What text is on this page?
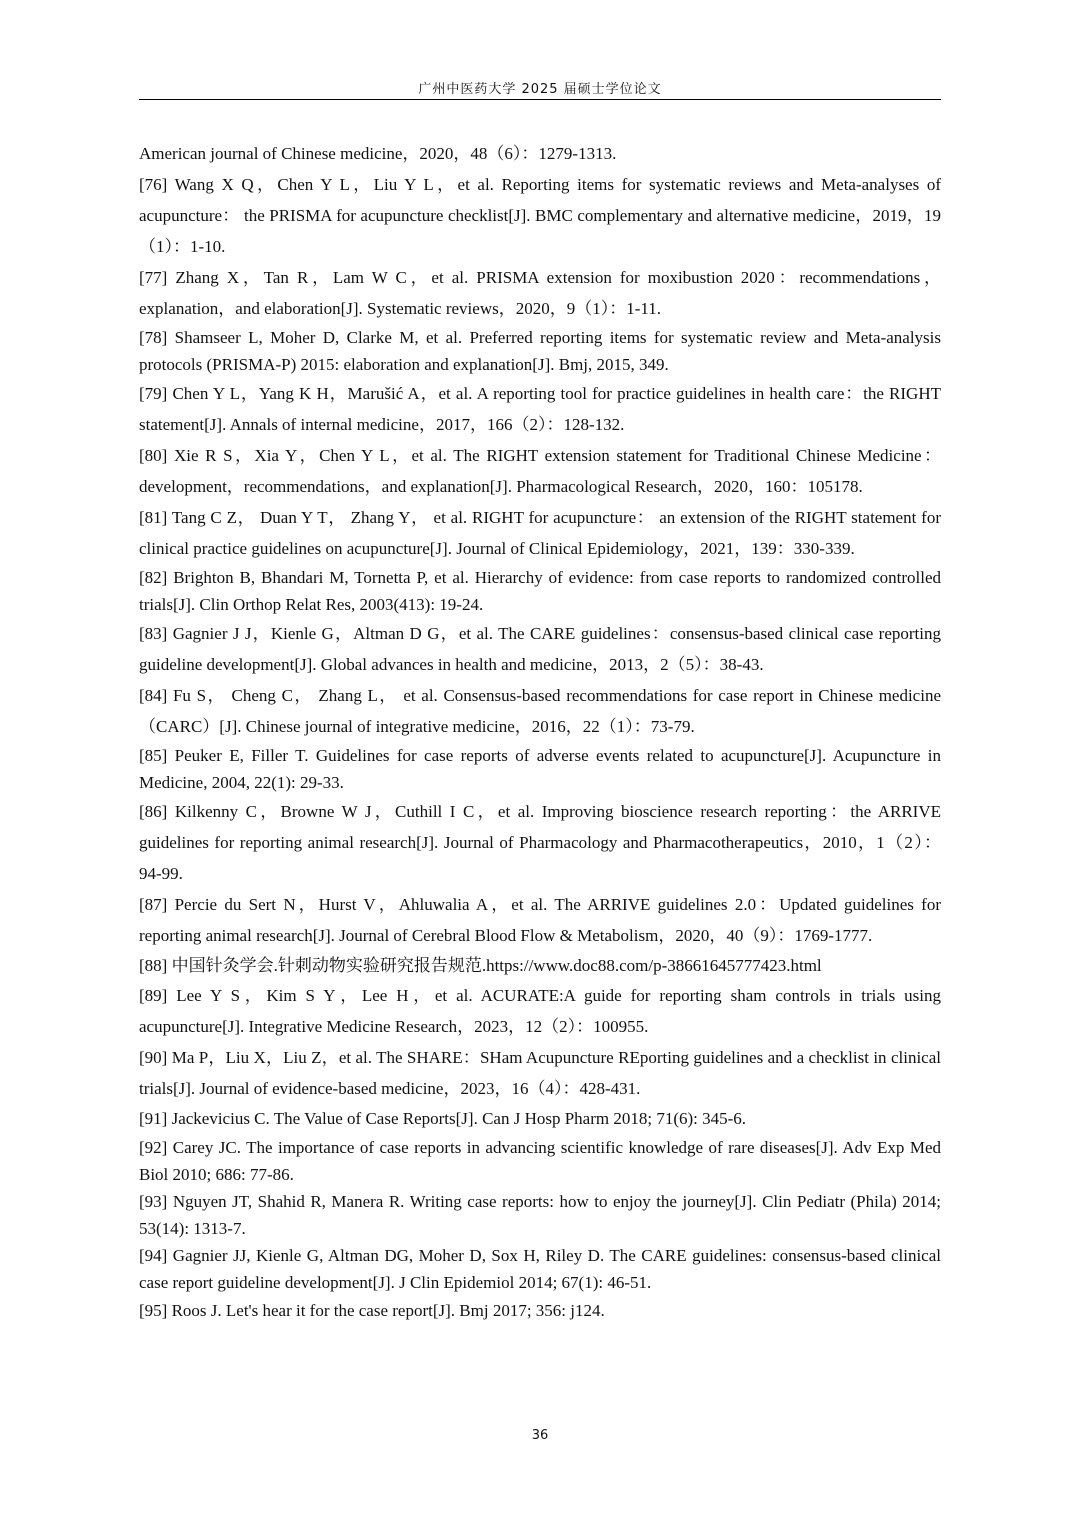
广州中医药大学 2025 届硕士学位论文

American journal of Chinese medicine，2020，48（6）：1279-1313.

[76] Wang X Q，Chen Y L，Liu Y L，et al. Reporting items for systematic reviews and Meta-analyses of acupuncture： the PRISMA for acupuncture checklist[J]. BMC complementary and alternative medicine，2019，19（1）：1-10.

[77] Zhang X，Tan R，Lam W C，et al. PRISMA extension for moxibustion 2020：recommendations，explanation，and elaboration[J]. Systematic reviews，2020，9（1）：1-11.

[78] Shamseer L, Moher D, Clarke M, et al. Preferred reporting items for systematic review and Meta-analysis protocols (PRISMA-P) 2015: elaboration and explanation[J]. Bmj, 2015, 349.

[79] Chen Y L，Yang K H，Marušić A，et al. A reporting tool for practice guidelines in health care：the RIGHT statement[J]. Annals of internal medicine，2017，166（2）：128-132.

[80] Xie R S，Xia Y，Chen Y L，et al. The RIGHT extension statement for Traditional Chinese Medicine：development，recommendations，and explanation[J]. Pharmacological Research，2020，160：105178.

[81] Tang C Z， Duan Y T， Zhang Y， et al. RIGHT for acupuncture： an extension of the RIGHT statement for clinical practice guidelines on acupuncture[J]. Journal of Clinical Epidemiology，2021，139：330-339.

[82] Brighton B, Bhandari M, Tornetta P, et al. Hierarchy of evidence: from case reports to randomized controlled trials[J]. Clin Orthop Relat Res, 2003(413): 19-24.

[83] Gagnier J J，Kienle G，Altman D G，et al. The CARE guidelines：consensus-based clinical case reporting guideline development[J]. Global advances in health and medicine，2013，2（5）：38-43.

[84] Fu S， Cheng C， Zhang L， et al. Consensus-based recommendations for case report in Chinese medicine （CARC）[J]. Chinese journal of integrative medicine，2016，22（1）：73-79.

[85] Peuker E, Filler T. Guidelines for case reports of adverse events related to acupuncture[J]. Acupuncture in Medicine, 2004, 22(1): 29-33.

[86] Kilkenny C，Browne W J，Cuthill I C，et al. Improving bioscience research reporting：the ARRIVE guidelines for reporting animal research[J]. Journal of Pharmacology and Pharmacotherapeutics，2010，1（2）：94-99.

[87] Percie du Sert N，Hurst V，Ahluwalia A，et al. The ARRIVE guidelines 2.0：Updated guidelines for reporting animal research[J]. Journal of Cerebral Blood Flow & Metabolism，2020，40（9）：1769-1777.

[88] 中国针灸学会.针刺动物实验研究报告规范.https://www.doc88.com/p-38661645777423.html

[89] Lee Y S，Kim S Y，Lee H，et al. ACURATE:A guide for reporting sham controls in trials using acupuncture[J]. Integrative Medicine Research，2023，12（2）：100955.

[90] Ma P，Liu X，Liu Z，et al. The SHARE：SHam Acupuncture REporting guidelines and a checklist in clinical trials[J]. Journal of evidence-based medicine，2023，16（4）：428-431.

[91] Jackevicius C. The Value of Case Reports[J]. Can J Hosp Pharm 2018; 71(6): 345-6.

[92] Carey JC. The importance of case reports in advancing scientific knowledge of rare diseases[J]. Adv Exp Med Biol 2010; 686: 77-86.

[93] Nguyen JT, Shahid R, Manera R. Writing case reports: how to enjoy the journey[J]. Clin Pediatr (Phila) 2014; 53(14): 1313-7.

[94] Gagnier JJ, Kienle G, Altman DG, Moher D, Sox H, Riley D. The CARE guidelines: consensus-based clinical case report guideline development[J]. J Clin Epidemiol 2014; 67(1): 46-51.

[95] Roos J. Let's hear it for the case report[J]. Bmj 2017; 356: j124.

36
